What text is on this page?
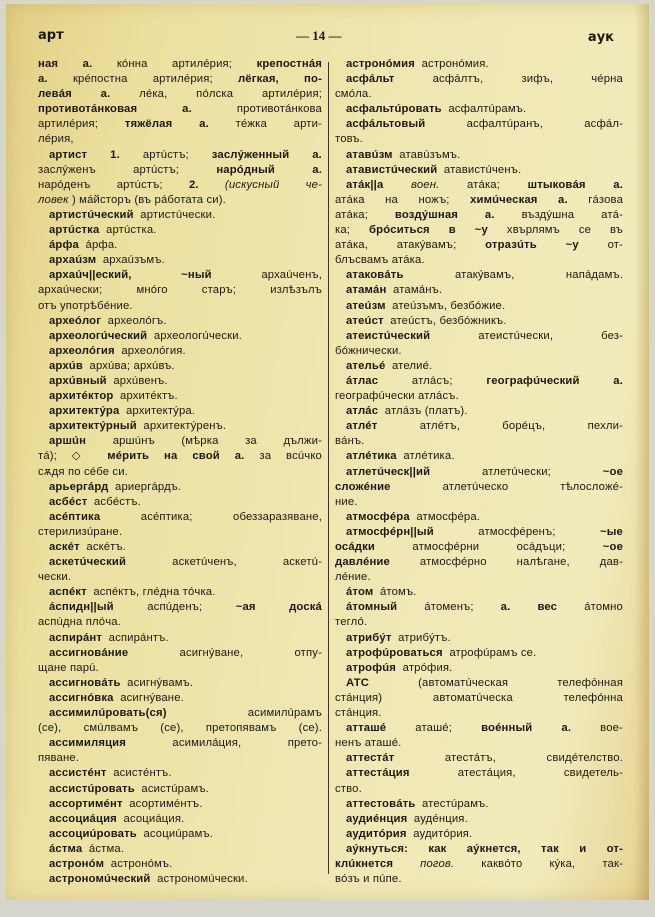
арт	— 14 —	аук
ная а. кóнна артилéрия; крепостнáя
а. крéпостна артилéрия; лёгкая, по-
левáя а.	лéка, пóлска артилéрия;
противотáнковая а.	противотáнкова
артилéрия; тяжёлая а. тéжка арти-
лéрия,
артист 1. артúстъ; заслýженный а.
заслýженъ артúстъ; нарóдный а.
нарóденъ артúстъ; 2. (искусный че-
ловек ) мáйсторъ (въ рáботата си).
артистúческий  артистúчески.
артúстка  артúстка.
áрфа  áрфа.
архаúзм  архаúзъмъ.
архаúч||еский, ~ный	архаúченъ,
архаúчески; мнóго старъ; излѣзълъ
отъ употрѣбéние.
археóлог  археолóгъ.
археологúческий  археологúчески.
археолóгия  археолóгия.
архúв  архúва; архúвъ.
архúвный  архúвенъ.
архитéктор  архитéктъ.
архитектýра  архитектýра.
архитектýрный  архитектýренъ.
аршúн аршúнъ (мѣрка за дължи-
тá); ◇ мéрить на свой а. за всúчко
сѫдя по сéбе си.
арьергáрд  ариергáрдъ.
асбéст  асбéстъ.
асéптика	асéптика; обеззаразяване,
стерилизúране.
аскéт  аскéтъ.
аскетúческий	аскетúченъ, аскетú-
чески.
аспéкт  аспéктъ, глéдна тóчка.
áспидн||ый	аспúденъ; ~ая доскá
аспúдна плóча.
аспирáнт  аспирáнтъ.
ассигновáние	асигнýване, отпу-
щане парú.
ассигновáть  асигнýвамъ.
ассигнóвка  асигнýване.
ассимилúровать(ся)	асимилúрамъ
(се), смúлвамъ (се), претопявамъ (се).
ассимиляция	асимилáция, прето-
пяване.
ассистéнт  асистéнтъ.
ассистúровать  асистúрамъ.
ассортимéнт  асортимéнтъ.
ассоциáция  асоциáция.
ассоциúровать  асоциúрамъ.
áстма  áстма.
астронóм  астронóмъ.
астрономúческий  астрономúчески.
астронóмия  астронóмия.
асфáльт	асфáлтъ, зифъ, чéрна
смóла.
асфальтúровать  асфалтúрамъ.
асфáльтовый	асфалтúранъ, асфáл-
товъ.
атавúзм  атавúзъмъ.
атавистúческий  атавистúченъ.
атáк||а воен. атáка; штыковáя а.
атáка на ножъ; химúческая а. гáзова
атáка; воздýшная а. въздýшна атá-
ка; брóситься в ~у хвърлямъ се въ
атáка, атакýвамъ; отразúть ~у	от-
блъсвамъ атáка.
атаковáть	атакýвамъ, напáдамъ.
атамáн  атамáнъ.
атеúзм  атеúзъмъ, безбóжие.
атеúст  атеúстъ, безбóжникъ.
атеистúческий	атеистúчески, без-
бóжнически.
ательé  ателиé.
áтлас	атлáсъ; географúческий а.
географúчески атлáсъ.
атлáс  атлáзъ (платъ).
атлéт	атлéтъ, борéцъ, пехли-
вáнъ.
атлéтика  атлéтика.
атлетúческ||ий	атлетúчески; ~ое
сложéние	атлетúческо тѣлосложé-
ние.
атмосфéра  атмосфéра.
атмосфéрн||ый	атмосфéренъ; ~ые
осáдки	атмосфéрни осáдъци; ~ое
давлéние	атмосфéрно налѣгане, дав-
лéние.
áтом  áтомъ.
áтомный áтоменъ; а. вес áтомно
тегло́.
атрибýт  атрибýтъ.
атрофúроваться  атрофúрамъ се.
атрофúя  атрóфия.
АТС	(автоматúческая телефóнная
стáнция) автоматúческа телефóнна
стáнция.
атташé	аташé; воéнный а.	вое-
ненъ аташé.
аттестáт	атестáтъ, свидéтелство.
аттестáция	атестáция, свидетель-
ство.
аттестовáть  атестúрамъ.
аудиéнция  аудéнция.
аудитóрия  аудитóрия.
аýкнуться: как аýкнется, так и от-
клúкнется погов. каквóто кýка, так-
вóзъ и пúпе.
